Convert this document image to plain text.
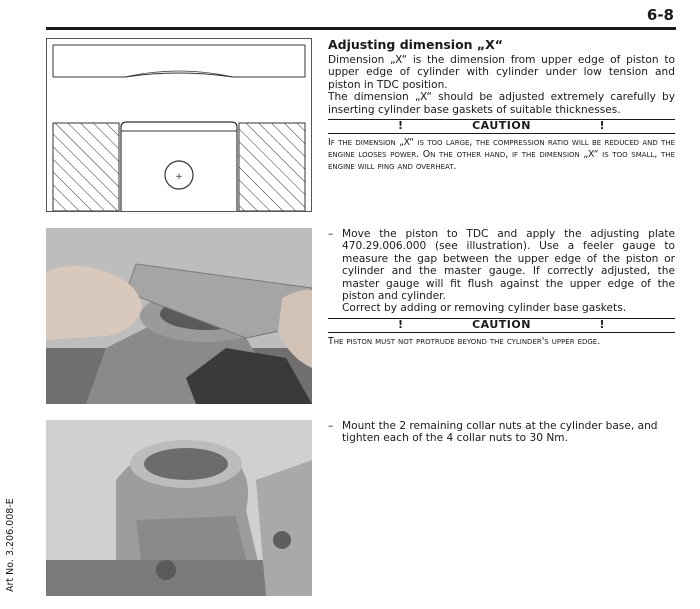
6-8
+
Adjusting dimension „X“

Dimension „X“ is the dimension from upper edge of piston to upper edge of cylinder with cylinder under low tension and piston in TDC position.

The dimension „X“ should be adjusted extremely carefully by inserting cylinder base gaskets of suitable thicknesses.

!	CAUTION	!

If the dimension „X“ is too large, the compression ratio will be reduced and the engine looses power. On the other hand, if the dimension „X“ is too small, the engine will ping and overheat.

– Move the piston to TDC and apply the adjusting plate 470.29.006.000 (see illustration). Use a feeler gauge to measure the gap between the upper edge of the piston or cylinder and the master gauge. If correctly adjusted, the master gauge will fit flush against the upper edge of the piston and cylinder.

Correct by adding or removing cylinder base gaskets.

!	CAUTION	!

The piston must not protrude beyond the cylinder's upper edge.

– Mount the 2 remaining collar nuts at the cylinder base, and tighten each of the 4 collar nuts to 30 Nm.

Art No. 3.206.008-E
